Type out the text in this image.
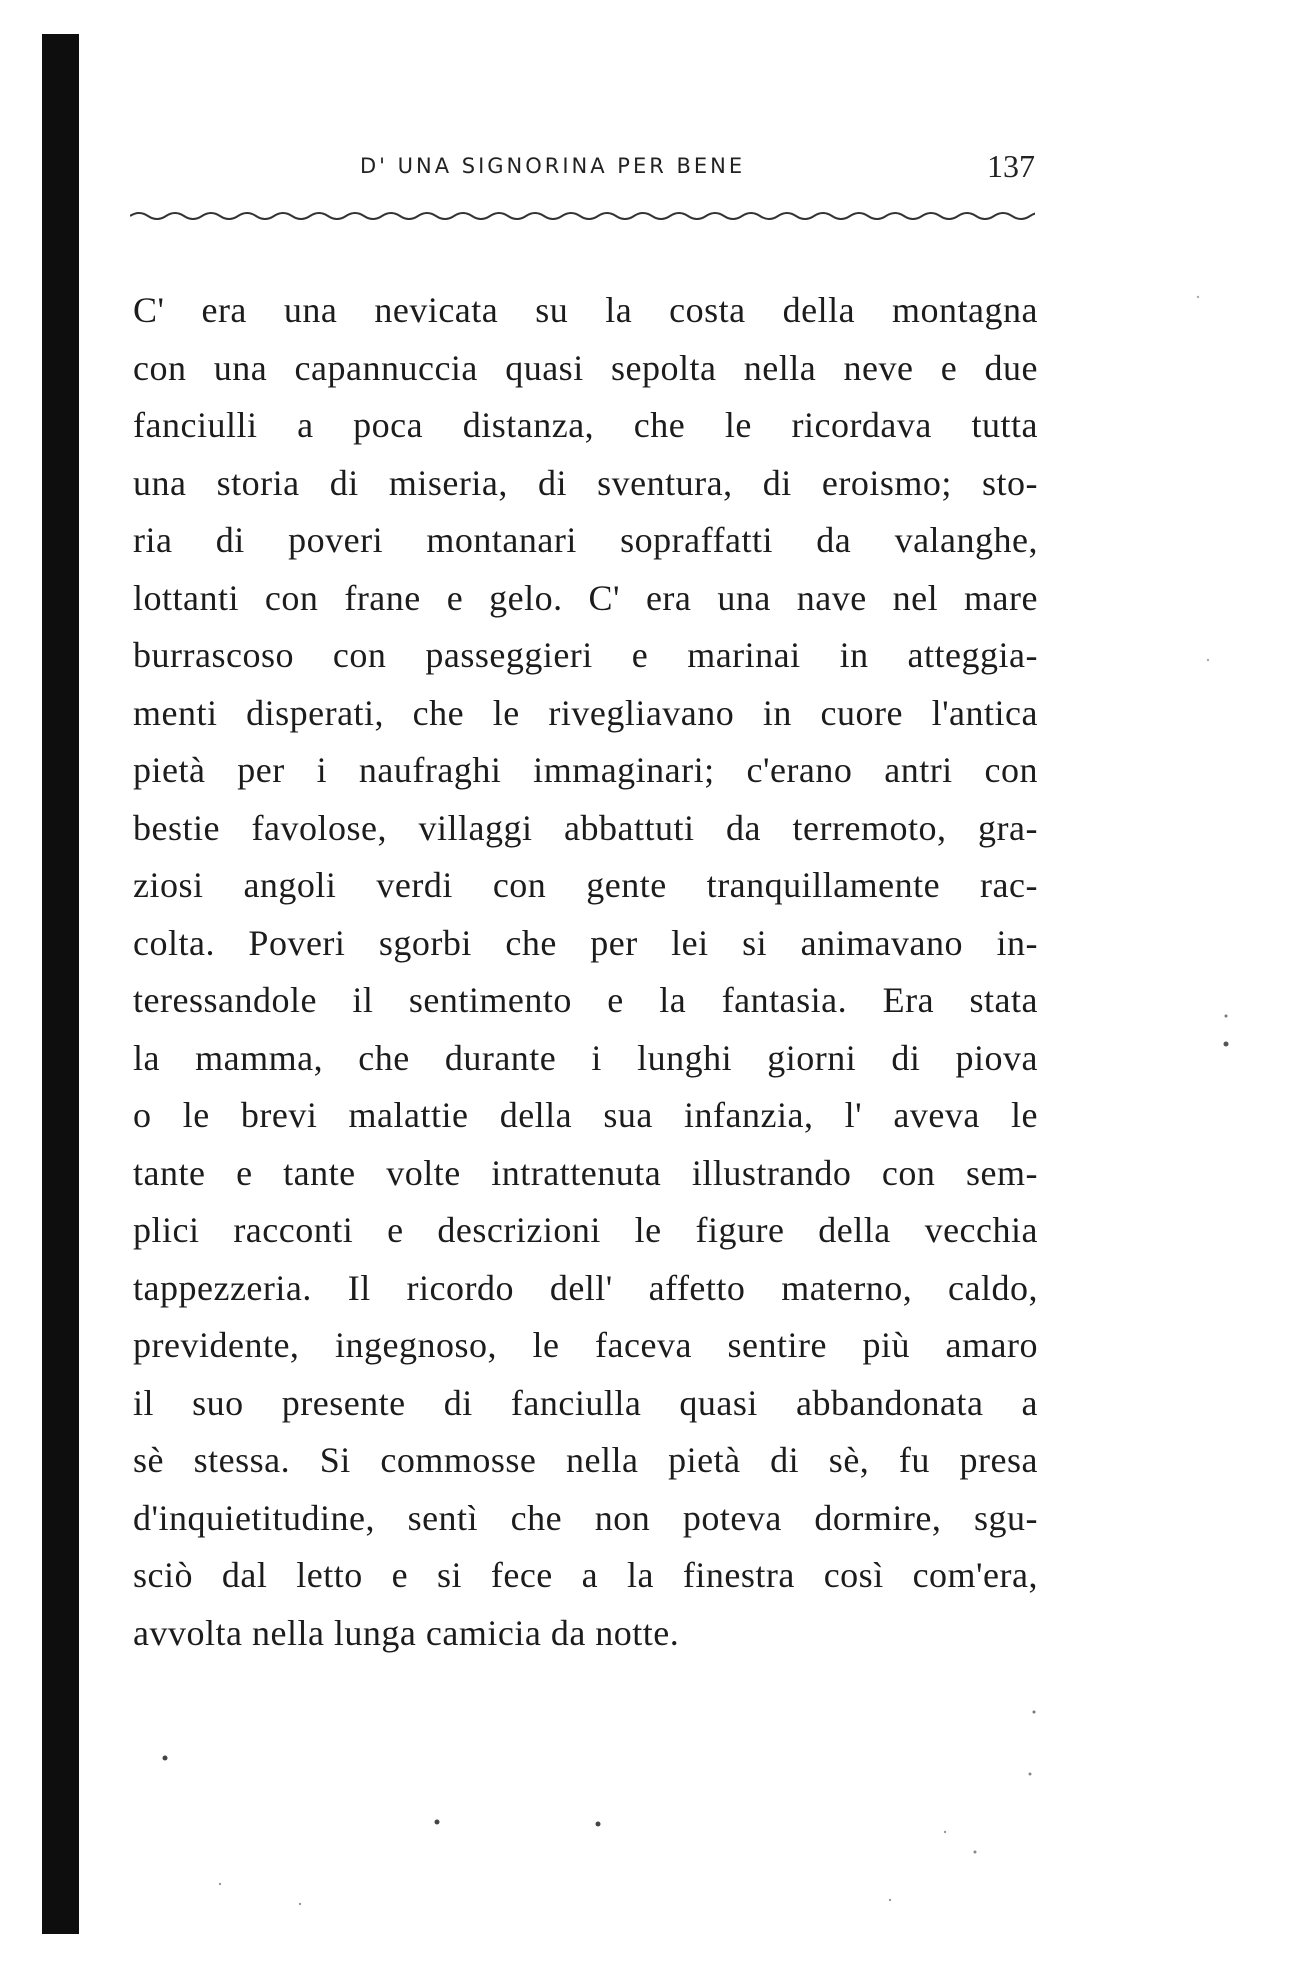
D' UNA SIGNORINA PER BENE	137
C' era una nevicata su la costa della montagna
con una capannuccia quasi sepolta nella neve e due
fanciulli a poca distanza, che le ricordava tutta
una storia di miseria, di sventura, di eroismo; sto-
ria di poveri montanari sopraffatti da valanghe,
lottanti con frane e gelo. C' era una nave nel mare
burrascoso con passeggieri e marinai in atteggia-
menti disperati, che le rivegliavano in cuore l'antica
pietà per i naufraghi immaginari; c'erano antri con
bestie favolose, villaggi abbattuti da terremoto, gra-
ziosi angoli verdi con gente tranquillamente rac-
colta. Poveri sgorbi che per lei si animavano in-
teressandole il sentimento e la fantasia. Era stata
la mamma, che durante i lunghi giorni di piova
o le brevi malattie della sua infanzia, l' aveva le
tante e tante volte intrattenuta illustrando con sem-
plici racconti e descrizioni le figure della vecchia
tappezzeria. Il ricordo dell' affetto materno, caldo,
previdente, ingegnoso, le faceva sentire più amaro
il suo presente di fanciulla quasi abbandonata a
sè stessa. Si commosse nella pietà di sè, fu presa
d'inquietitudine, sentì che non poteva dormire, sgu-
sciò dal letto e si fece a la finestra così com'era,
avvolta nella lunga camicia da notte.
